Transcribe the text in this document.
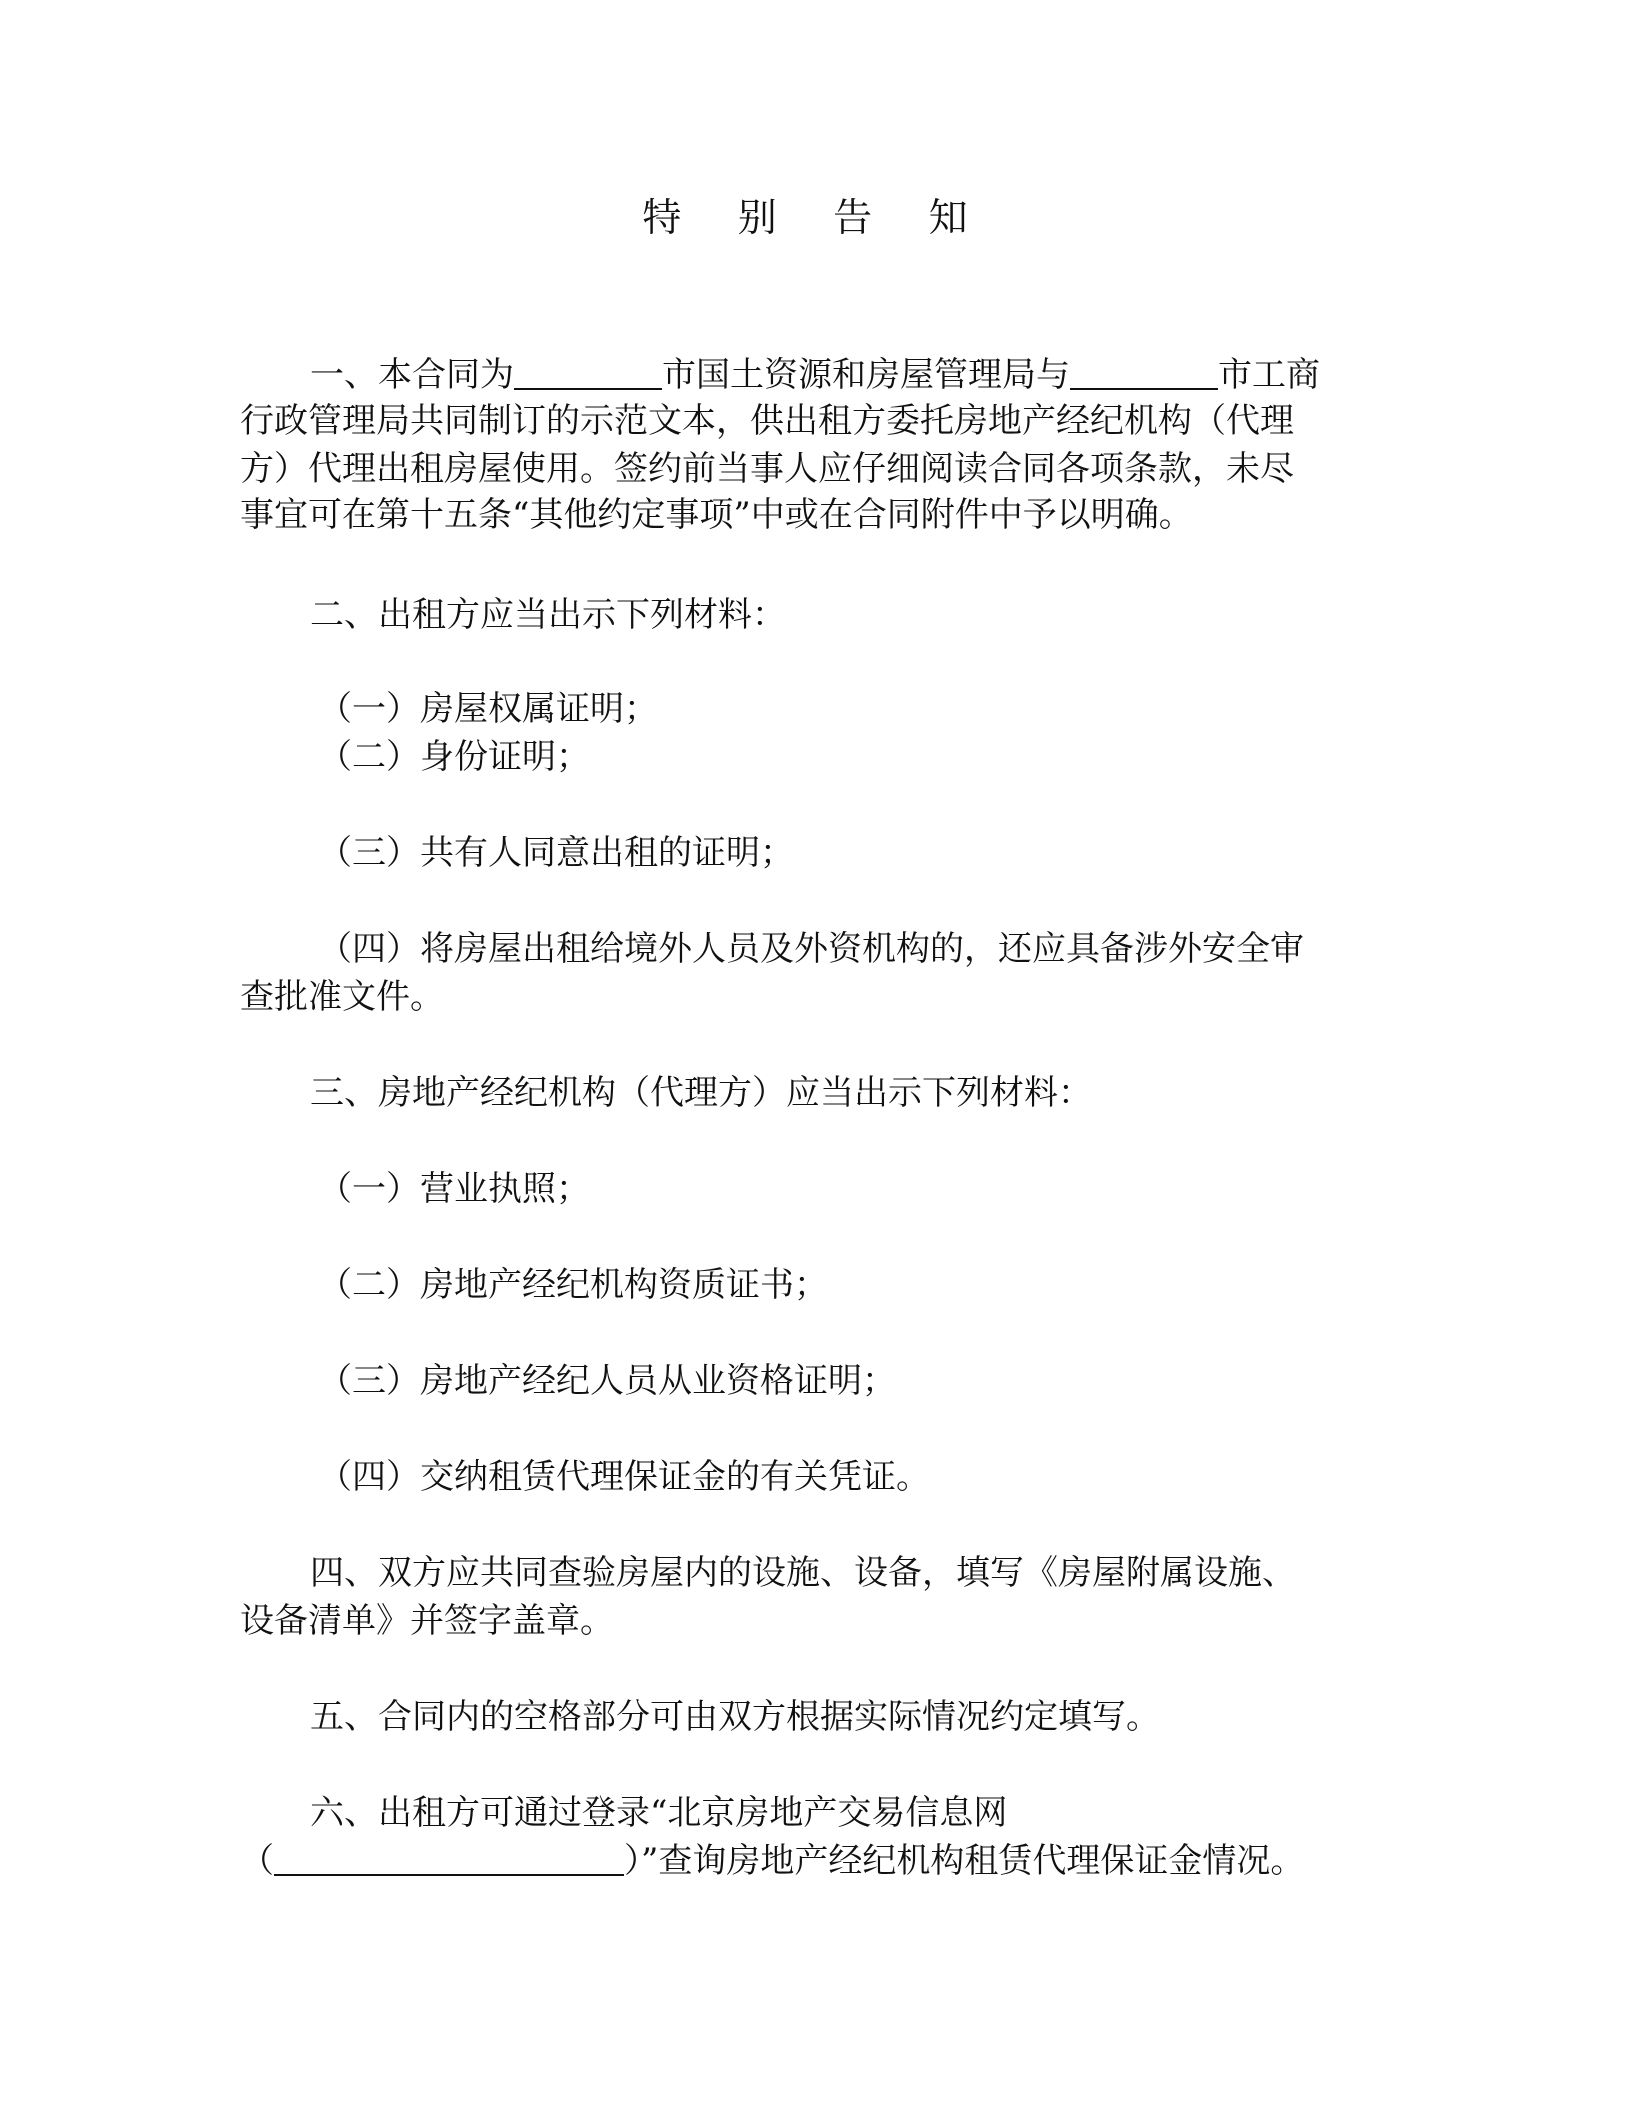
特 别 告 知
一、本合同为	市国土资源和房屋管理局与	市工商
行政管理局共同制订的示范文本，供出租方委托房地产经纪机构（代理
方）代理出租房屋使用。签约前当事人应仔细阅读合同各项条款，未尽
事宜可在第十五条“其他约定事项”中或在合同附件中予以明确。
二、出租方应当出示下列材料：
（一）房屋权属证明；
（二）身份证明；
（三）共有人同意出租的证明；
（四）将房屋出租给境外人员及外资机构的，还应具备涉外安全审
查批准文件。
三、房地产经纪机构（代理方）应当出示下列材料：
（一）营业执照；
（二）房地产经纪机构资质证书；
（三）房地产经纪人员从业资格证明；
（四）交纳租赁代理保证金的有关凭证。
四、双方应共同查验房屋内的设施、设备，填写《房屋附属设施、
设备清单》并签字盖章。
五、合同内的空格部分可由双方根据实际情况约定填写。
六、出租方可通过登录“北京房地产交易信息网
（	）”查询房地产经纪机构租赁代理保证金情况。
